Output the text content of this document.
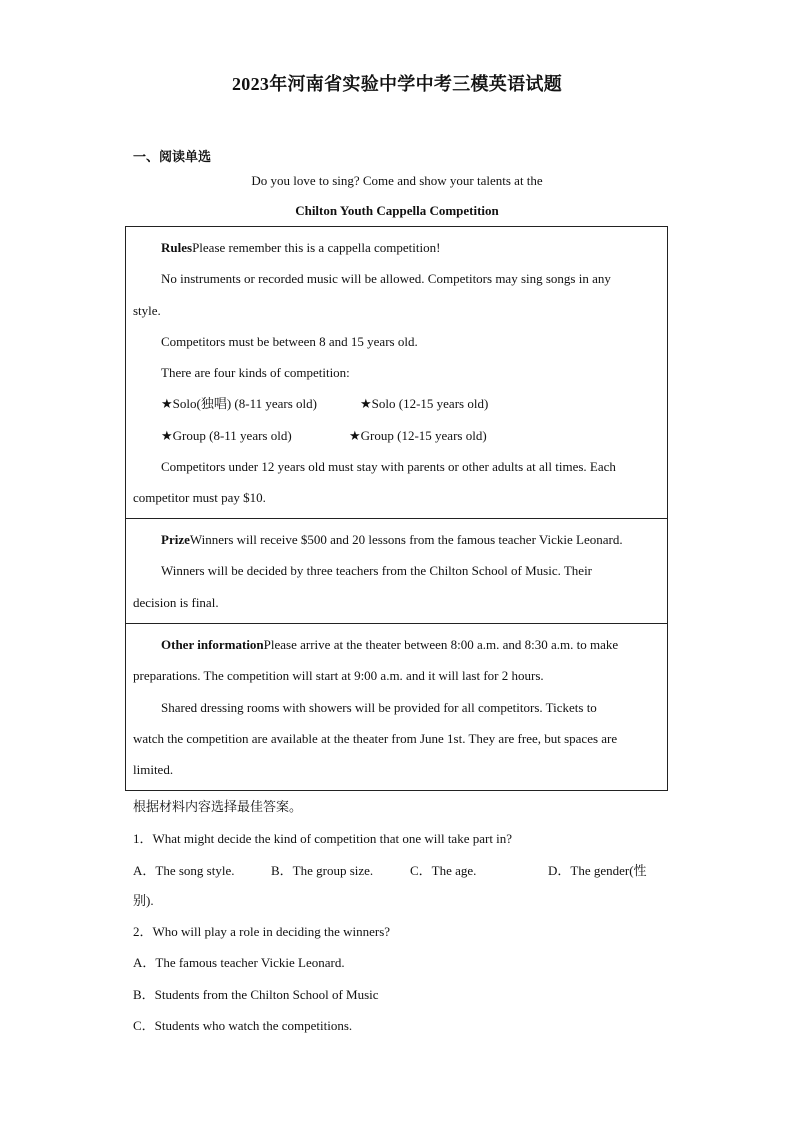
2023年河南省实验中学中考三模英语试题
一、阅读单选
Do you love to sing? Come and show your talents at the
Chilton Youth Cappella Competition

RulesPlease remember this is a cappella competition!

No instruments or recorded music will be allowed. Competitors may sing songs in any

style.

Competitors must be between 8 and 15 years old.

There are four kinds of competition:

★Solo(独唱) (8-11 years old)	★Solo (12-15 years old)

★Group (8-11 years old)	★Group (12-15 years old)

Competitors under 12 years old must stay with parents or other adults at all times. Each

competitor must pay $10.

PrizeWinners will receive $500 and 20 lessons from the famous teacher Vickie Leonard.

Winners will be decided by three teachers from the Chilton School of Music. Their

decision is final.

Other informationPlease arrive at the theater between 8:00 a.m. and 8:30 a.m. to make

preparations. The competition will start at 9:00 a.m. and it will last for 2 hours.

Shared dressing rooms with showers will be provided for all competitors. Tickets to

watch the competition are available at the theater from June 1st. They are free, but spaces are

limited.

根据材料内容选择最佳答案。
1．What might decide the kind of competition that one will take part in?
A．The song style.	B．The group size.	C．The age.	D．The gender(性
别).
2．Who will play a role in deciding the winners?
A．The famous teacher Vickie Leonard.
B．Students from the Chilton School of Music
C．Students who watch the competitions.
